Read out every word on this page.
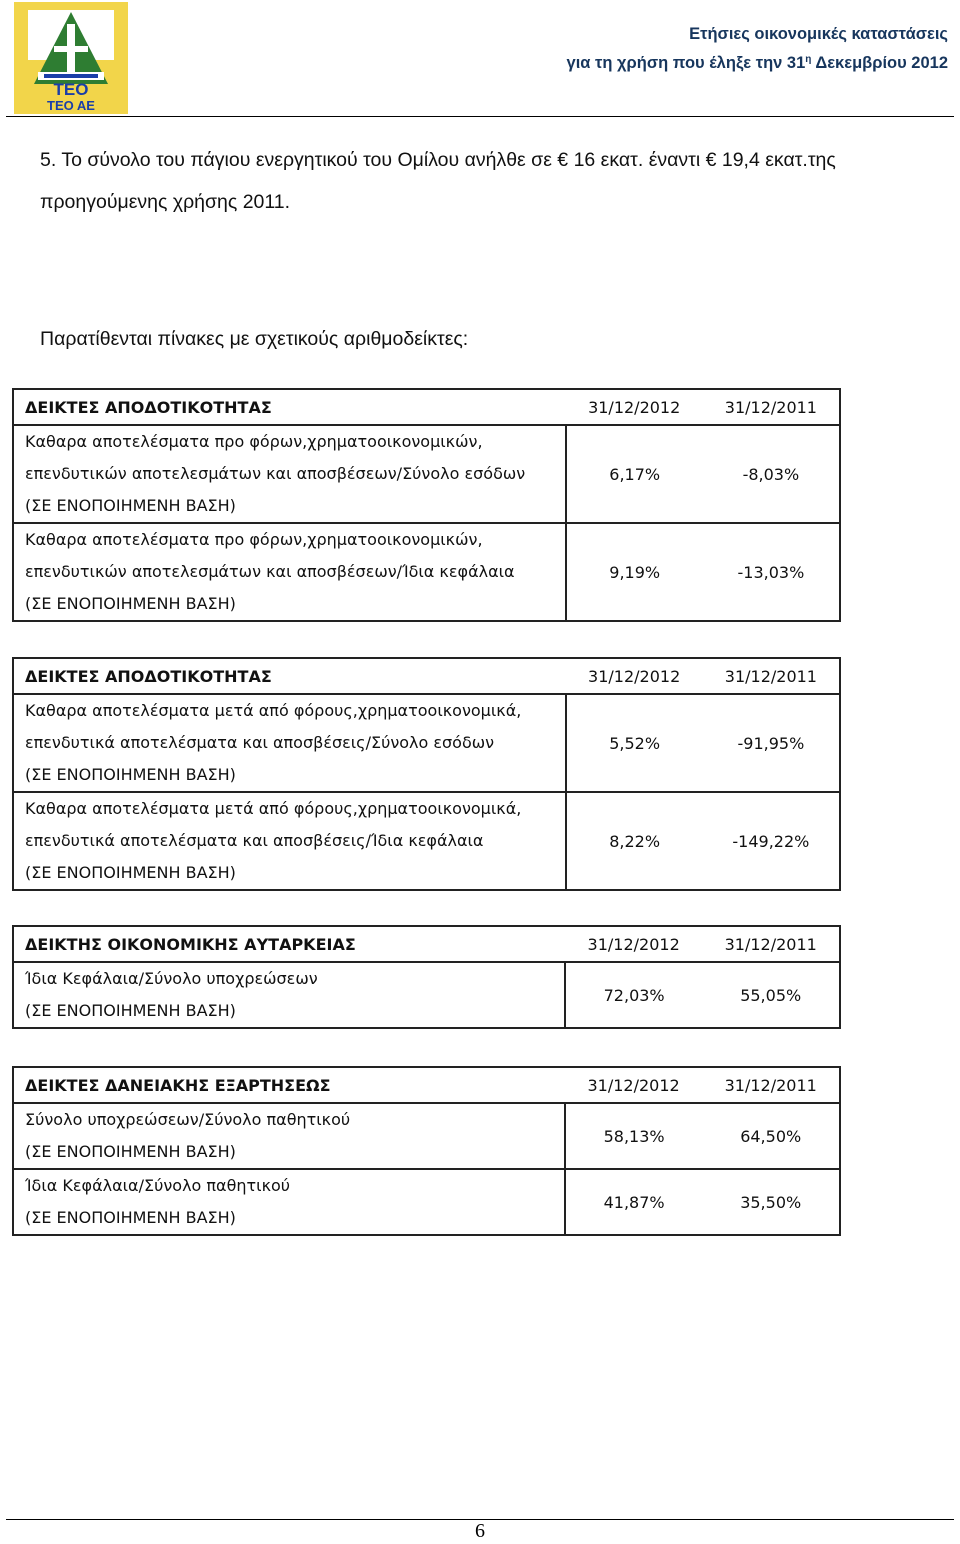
TEO
ΤΕΟ ΑΕ
Ετήσιες οικονομικές καταστάσεις
για τη χρήση που έληξε την $31^\eta$ Δεκεμβρίου 2012
5. Το σύνολο του πάγιου ενεργητικού του Ομίλου ανήλθε σε € 16 εκατ. έναντι € 19,4 εκατ.της προηγούμενης χρήσης 2011.
Παρατίθενται πίνακες με σχετικούς αριθμοδείκτες:
ΔΕΙΚΤΕΣ ΑΠΟΔΟΤΙΚΟΤΗΤΑΣ	31/12/2012	31/12/2011

Καθαρα αποτελέσματα προ φόρων,χρηματοοικονομικών,
επενδυτικών αποτελεσμάτων και αποσβέσεων/Σύνολο εσόδων
(ΣΕ ΕΝΟΠΟΙΗΜΕΝΗ ΒΑΣΗ)	6,17%	-8,03%

Καθαρα αποτελέσματα προ φόρων,χρηματοοικονομικών,
επενδυτικών αποτελεσμάτων και αποσβέσεων/Ίδια κεφάλαια
(ΣΕ ΕΝΟΠΟΙΗΜΕΝΗ ΒΑΣΗ)	9,19%	-13,03%
ΔΕΙΚΤΕΣ ΑΠΟΔΟΤΙΚΟΤΗΤΑΣ	31/12/2012	31/12/2011

Καθαρα αποτελέσματα μετά από φόρους,χρηματοοικονομικά,
επενδυτικά αποτελέσματα και αποσβέσεις/Σύνολο εσόδων
(ΣΕ ΕΝΟΠΟΙΗΜΕΝΗ ΒΑΣΗ)	5,52%	-91,95%

Καθαρα αποτελέσματα μετά από φόρους,χρηματοοικονομικά,
επενδυτικά αποτελέσματα και αποσβέσεις/Ίδια κεφάλαια
(ΣΕ ΕΝΟΠΟΙΗΜΕΝΗ ΒΑΣΗ)	8,22%	-149,22%
ΔΕΙΚΤΗΣ ΟΙΚΟΝΟΜΙΚΗΣ ΑΥΤΑΡΚΕΙΑΣ	31/12/2012	31/12/2011

Ίδια Κεφάλαια/Σύνολο υποχρεώσεων
(ΣΕ ΕΝΟΠΟΙΗΜΕΝΗ ΒΑΣΗ)	72,03%	55,05%
ΔΕΙΚΤΕΣ ΔΑΝΕΙΑΚΗΣ ΕΞΑΡΤΗΣΕΩΣ	31/12/2012	31/12/2011

Σύνολο υποχρεώσεων/Σύνολο παθητικού
(ΣΕ ΕΝΟΠΟΙΗΜΕΝΗ ΒΑΣΗ)	58,13%	64,50%

Ίδια Κεφάλαια/Σύνολο παθητικού
(ΣΕ ΕΝΟΠΟΙΗΜΕΝΗ ΒΑΣΗ)	41,87%	35,50%
6
